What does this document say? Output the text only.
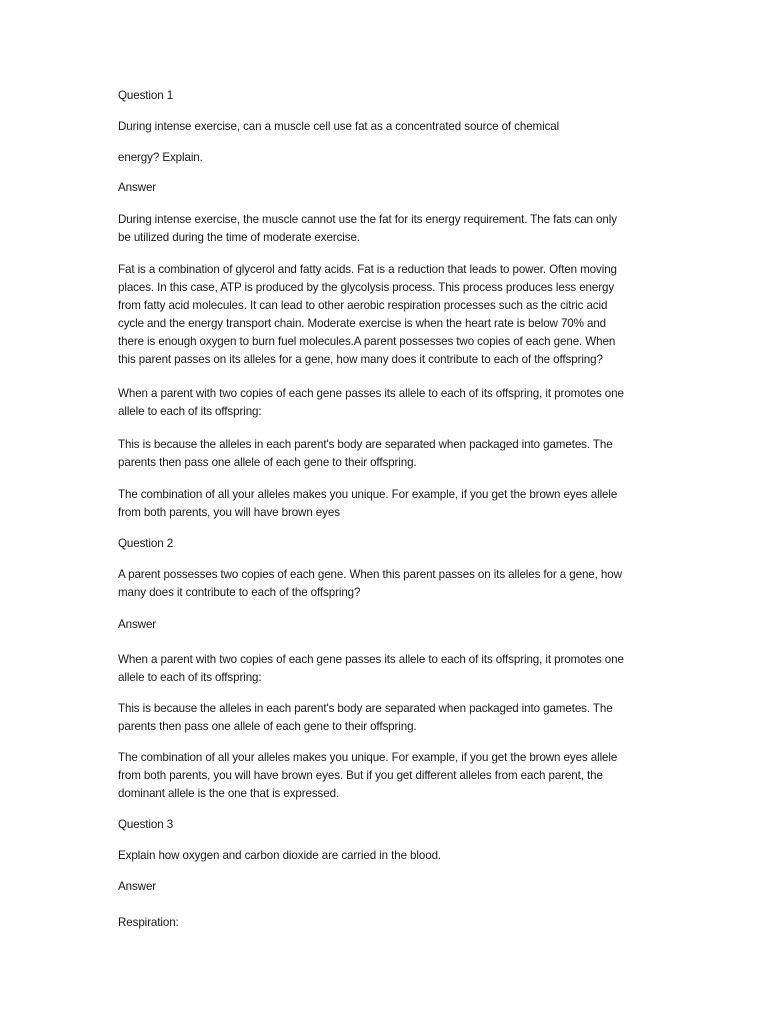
Question 1

During intense exercise, can a muscle cell use fat as a concentrated source of chemical

energy? Explain.

Answer

During intense exercise, the muscle cannot use the fat for its energy requirement. The fats can only
be utilized during the time of moderate exercise.

Fat is a combination of glycerol and fatty acids. Fat is a reduction that leads to power. Often moving
places. In this case, ATP is produced by the glycolysis process. This process produces less energy
from fatty acid molecules. It can lead to other aerobic respiration processes such as the citric acid
cycle and the energy transport chain. Moderate exercise is when the heart rate is below 70% and
there is enough oxygen to burn fuel molecules.A parent possesses two copies of each gene. When
this parent passes on its alleles for a gene, how many does it contribute to each of the offspring?

When a parent with two copies of each gene passes its allele to each of its offspring, it promotes one
allele to each of its offspring:

This is because the alleles in each parent's body are separated when packaged into gametes. The
parents then pass one allele of each gene to their offspring.

The combination of all your alleles makes you unique. For example, if you get the brown eyes allele
from both parents, you will have brown eyes

Question 2

A parent possesses two copies of each gene. When this parent passes on its alleles for a gene, how
many does it contribute to each of the offspring?

Answer

When a parent with two copies of each gene passes its allele to each of its offspring, it promotes one
allele to each of its offspring:

This is because the alleles in each parent's body are separated when packaged into gametes. The
parents then pass one allele of each gene to their offspring.

The combination of all your alleles makes you unique. For example, if you get the brown eyes allele
from both parents, you will have brown eyes. But if you get different alleles from each parent, the
dominant allele is the one that is expressed.

Question 3

Explain how oxygen and carbon dioxide are carried in the blood.

Answer

Respiration:
